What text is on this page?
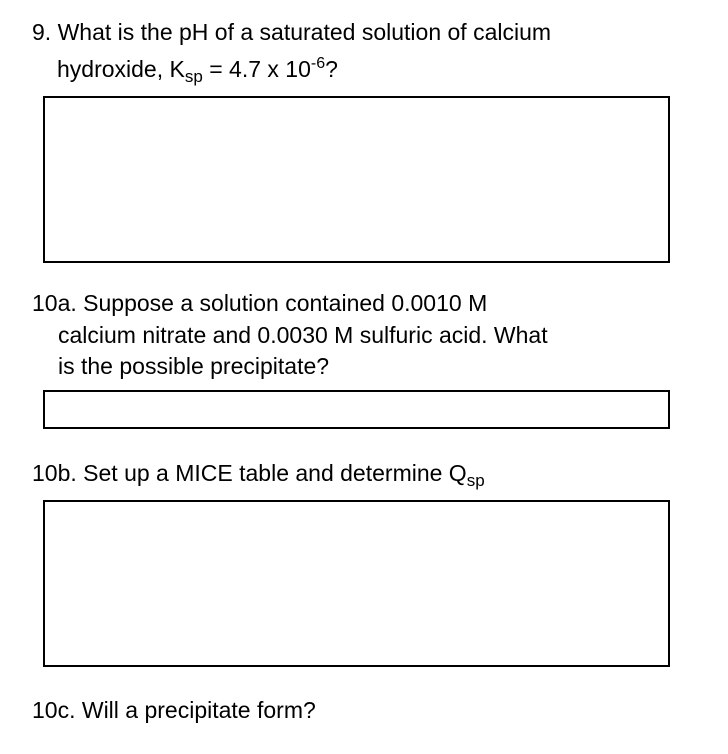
9. What is the pH of a saturated solution of calcium
hydroxide, $K_{sp} = 4.7$ x $10^{-6}$?
10a. Suppose a solution contained 0.0010 M
calcium nitrate and 0.0030 M sulfuric acid. What
is the possible precipitate?
10b. Set up a MICE table and determine $Q_{sp}$
10c. Will a precipitate form?
